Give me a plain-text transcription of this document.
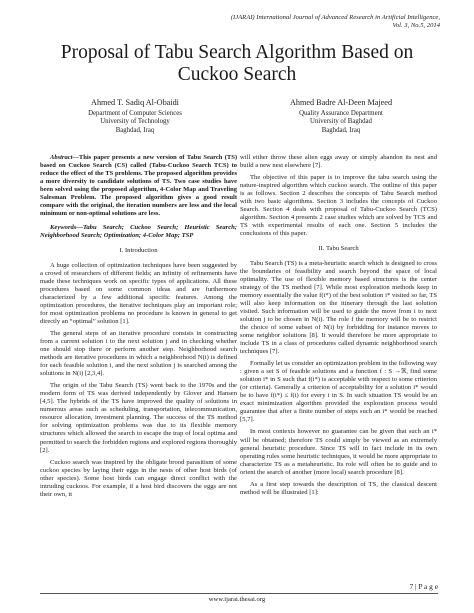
(IJARAI) International Journal of Advanced Research in Artificial Intelligence,
Vol. 3, No.5, 2014
Proposal of Tabu Search Algorithm Based on Cuckoo Search
Ahmed T. Sadiq Al-Obaidi
Department of Computer Sciences
University of Technology
Baghdad, Iraq
Ahmed Badre Al-Deen Majeed
Quality Assurance Department
University of Baghdad
Baghdad, Iraq

Abstract—This paper presents a new version of Tabu Search (TS) based on Cuckoo Search (CS) called (Tabu-Cuckoo Search TCS) to reduce the effect of the TS problems. The proposed algorithm provides a more diversity to candidate solutions of TS. Two case studies have been solved using the proposed algorithm, 4-Color Map and Traveling Salesman Problem. The proposed algorithm gives a good result compare with the original, the iteration numbers are less and the local minimum or non-optimal solutions are less.

Keywords—Tabu Search; Cuckoo Search; Heuristic Search; Neighborhood Search; Optimization; 4-Color Map; TSP

I. Introduction

A huge collection of optimization techniques have been suggested by a crowd of researchers of different fields; an infinity of refinements have made these techniques work on specific types of applications. All these procedures based on some common ideas and are furthermore characterized by a few additional specific features. Among the optimization procedures, the iterative techniques play an important role; for most optimization problems no procedure is known in general to get directly an “optimal” solution [1].

The general steps of an iterative procedure consists in constructing from a current solution i to the next solution j and in checking whether one should stop there or perform another step. Neighborhood search methods are iterative procedures in which a neighborhood N(i) is defined for each feasible solution i, and the next solution j is searched among the solutions in N(i) [2,3,4].

The origin of the Tabu Search (TS) went back to the 1970s and the modern form of TS was derived independently by Glover and Hansen [4,5]. The hybrids of the TS have improved the quality of solutions in numerous areas such as scheduling, transportation, telecommunication, resource allocation, investment planning. The success of the TS method for solving optimization problems was due to its flexible memory structures which allowed the search to escape the trap of local optima and permitted to search the forbidden regions and explored regions thoroughly [2].

Cuckoo search was inspired by the obligate brood parasitism of some cuckoo species by laying their eggs in the nests of other host birds (of other species). Some host birds can engage direct conflict with the intruding cuckoos. For example, if a host bird discovers the eggs are not their own, it

will either throw these alien eggs away or simply abandon its nest and build a new nest elsewhere [7].

The objective of this paper is to improve the tabu search using the nature-inspired algorithm which cuckoo search. The outline of this paper is as follows. Section 2 describes the concepts of Tabu Search method with two basic algorithms. Section 3 includes the concepts of Cuckoo Search. Section 4 deals with proposal of Tabu-Cuckoo Search (TCS) algorithm. Section 4 presents 2 case studies which are solved by TCS and TS with experimental results of each one. Section 5 includes the conclusions of this paper.

II. Tabu Search

Tabu Search (TS) is a meta-heuristic search which is designed to cross the boundaries of feasibility and search beyond the space of local optimality. The use of flexible memory based structures is the center strategy of the TS method [7]. While most exploration methods keep in memory essentially the value f(i*) of the best solution i* visited so far, TS will also keep information on the itinerary through the last solution visited. Such information will be used to guide the move from i to next solution j to be chosen in N(i). The role f the memory will be to restrict the choice of some subset of N(i) by forbidding for instance moves to some neighbor solutions [8]. It would therefore be more appropriate to include TS in a class of procedures called dynamic neighborhood search techniques [7].

Formally let us consider an optimization problem in the following way : given a set S of feasible solutions and a function f : S →ℜ, find some solution i* in S such that f(i*) is acceptable with respect to some criterion (or criteria). Generally a criterion of acceptability for a solution i* would be to have f(i*) ≤ f(i) for every i in S. In such situation TS would be an exact minimization algorithm provided the exploration process would guarantee that after a finite number of steps such an i* would be reached [5,7].

In most contexts however no guarantee can be given that such an i* will be obtained; therefore TS could simply be viewed as an extremely general heuristic procedure. Since TS will in fact include in its own operating rules some heuristic techniques, it would be more appropriate to characterize TS as a metaheuristic. Its role will often be to guide and to orient the search of another (more local) search procedure [8].

As a first step towards the description of TS, the classical descent method will be illustrated [1]:

7 | P a g e
www.ijarai.thesai.org
